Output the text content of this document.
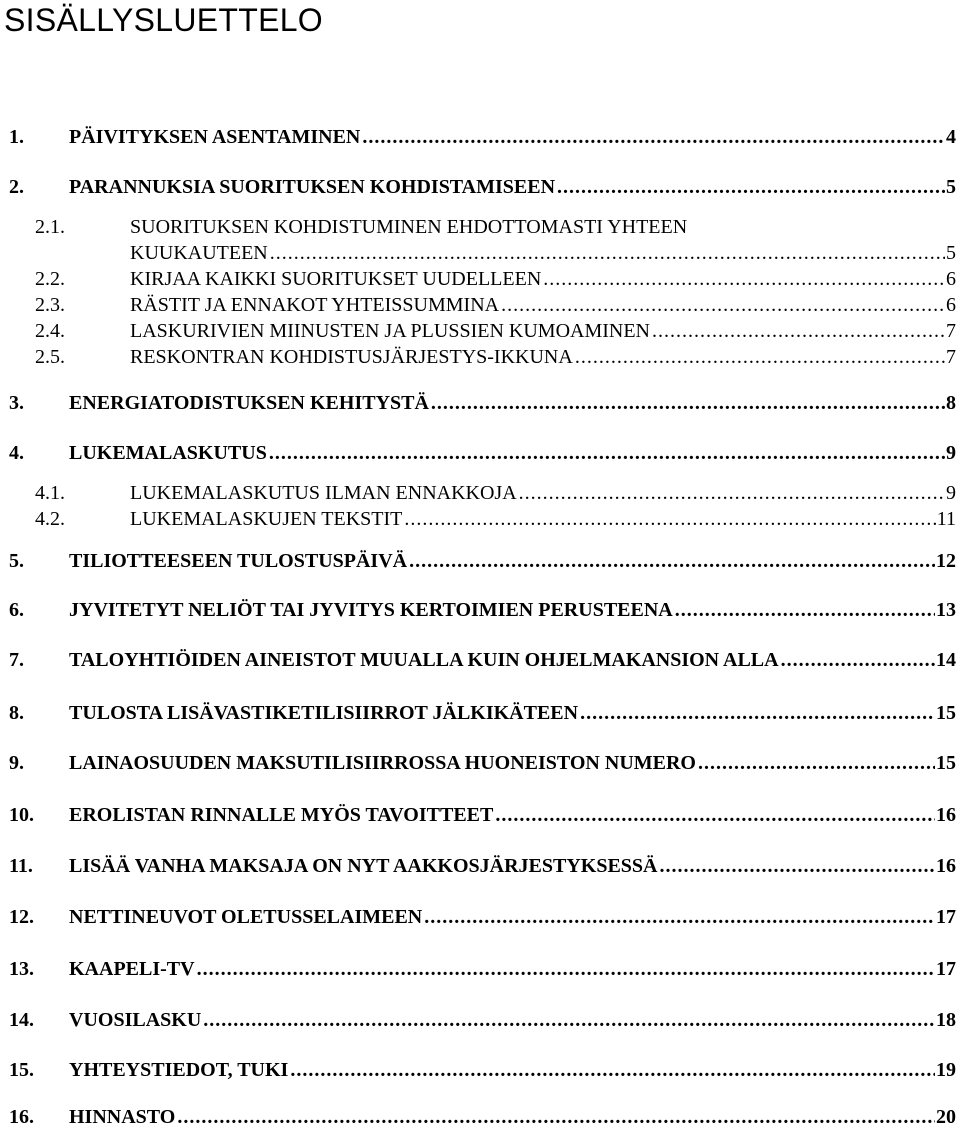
SISÄLLYSLUETTELO
1. PÄIVITYKSEN ASENTAMINEN . . .	4
2. PARANNUKSIA SUORITUKSEN KOHDISTAMISEEN . . .	5
2.1.	SUORITUKSEN KOHDISTUMINEN EHDOTTOMASTI YHTEEN
KUUKAUTEEN . . .	5
2.2.	KIRJAA KAIKKI SUORITUKSET UUDELLEEN . . .	6
2.3.	RÄSTIT JA ENNAKOT YHTEISSUMMINA . . .	6
2.4.	LASKURIVIEN MIINUSTEN JA PLUSSIEN KUMOAMINEN . . .	7
2.5.	RESKONTRAN KOHDISTUSJÄRJESTYS-IKKUNA . . .	7
3. ENERGIATODISTUKSEN KEHITYSTÄ . . .	8
4. LUKEMALASKUTUS . . .	9
4.1.	LUKEMALASKUTUS ILMAN ENNAKKOJA . . .	9
4.2.	LUKEMALASKUJEN TEKSTIT . . .	11
5. TILIOTTEESEEN TULOSTUSPÄIVÄ . . .	12
6. JYVITETYT NELIÖT TAI JYVITYS KERTOIMIEN PERUSTEENA . . .	13
7. TALOYHTIÖIDEN AINEISTOT MUUALLA KUIN OHJELMAKANSION ALLA . . .	14
8. TULOSTA LISÄVASTIKETILISIIRROT JÄLKIKÄTEEN . . .	15
9. LAINAOSUUDEN MAKSUTILISIIRROSSA HUONEISTON NUMERO . . .	15
10. EROLISTAN RINNALLE MYÖS TAVOITTEET . . .	16
11. LISÄÄ VANHA MAKSAJA ON NYT AAKKOSJÄRJESTYKSESSÄ . . .	16
12. NETTINEUVOT OLETUSSELAIMEEN . . .	17
13. KAAPELI-TV . . .	17
14. VUOSILASKU . . .	18
15. YHTEYSTIEDOT, TUKI . . .	19
16. HINNASTO . . .	20
